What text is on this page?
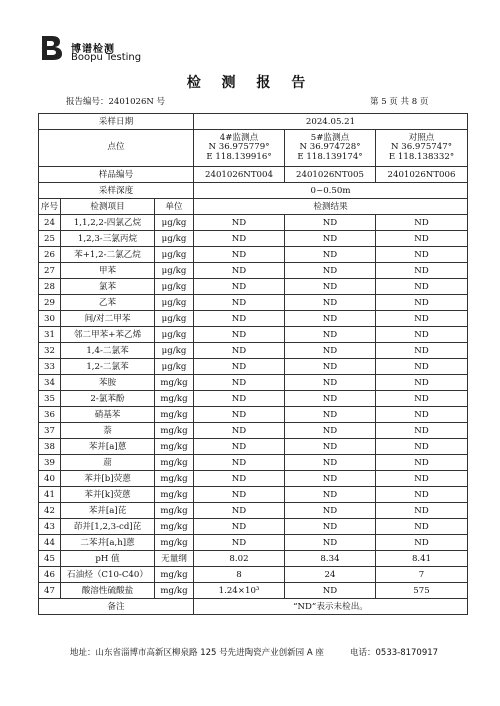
博谱检测
Boopu Testing
检 测 报 告
报告编号：2401026N 号	第 5 页 共 8 页
采样日期			2024.05.21		
点位			4#监测点
N 36.975779°
E 118.139916°	5#监测点
N 36.974728°
E 118.139174°	对照点
N 36.975747°
E 118.138332°
样品编号			2401026NT004	2401026NT005	2401026NT006
采样深度			0~0.50m		
序号	检测项目	单位	检测结果		
24	1,1,2,2-四氯乙烷	μg/kg	ND	ND	ND
25	1,2,3-三氯丙烷	μg/kg	ND	ND	ND
26	苯+1,2-二氯乙烷	μg/kg	ND	ND	ND
27	甲苯	μg/kg	ND	ND	ND
28	氯苯	μg/kg	ND	ND	ND
29	乙苯	μg/kg	ND	ND	ND
30	间/对二甲苯	μg/kg	ND	ND	ND
31	邻二甲苯+苯乙烯	μg/kg	ND	ND	ND
32	1,4-二氯苯	μg/kg	ND	ND	ND
33	1,2-二氯苯	μg/kg	ND	ND	ND
34	苯胺	mg/kg	ND	ND	ND
35	2-氯苯酚	mg/kg	ND	ND	ND
36	硝基苯	mg/kg	ND	ND	ND
37	萘	mg/kg	ND	ND	ND
38	苯并[a]蒽	mg/kg	ND	ND	ND
39	䓛	mg/kg	ND	ND	ND
40	苯并[b]荧蒽	mg/kg	ND	ND	ND
41	苯并[k]荧蒽	mg/kg	ND	ND	ND
42	苯并[a]芘	mg/kg	ND	ND	ND
43	茚并[1,2,3-cd]芘	mg/kg	ND	ND	ND
44	二苯并[a,h]蒽	mg/kg	ND	ND	ND
45	pH 值	无量纲	8.02	8.34	8.41
46	石油烃（C10-C40）	mg/kg	8	24	7
47	酸溶性硫酸盐	mg/kg	1.24×10³	ND	575
备注			“ND”表示未检出。		
地址：山东省淄博市高新区柳泉路 125 号先进陶瓷产业创新园 A 座	电话：0533-8170917
